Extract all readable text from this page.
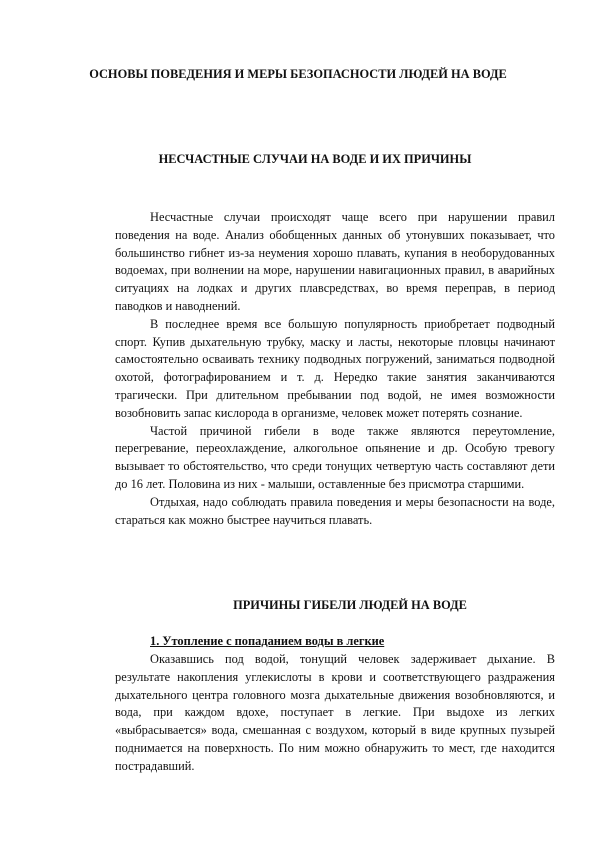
ОСНОВЫ ПОВЕДЕНИЯ И МЕРЫ БЕЗОПАСНОСТИ ЛЮДЕЙ НА ВОДЕ
НЕСЧАСТНЫЕ СЛУЧАИ НА ВОДЕ И ИХ ПРИЧИНЫ

Несчастные случаи происходят чаще всего при нарушении правил поведения на воде. Анализ обобщенных данных об утонувших показывает, что большинство гибнет из-за неумения хорошо плавать, купания в необорудованных водоемах, при волнении на море, нарушении навигационных правил, в аварийных ситуациях на лодках и других плавсредствах, во время переправ, в период паводков и наводнений.

В последнее время все большую популярность приобретает подводный спорт. Купив дыхательную трубку, маску и ласты, некоторые пловцы начинают самостоятельно осваивать технику подводных погружений, заниматься подводной охотой, фотографированием и т. д. Нередко такие занятия заканчиваются трагически. При длительном пребывании под водой, не имея возможности возобновить запас кислорода в организме, человек может потерять сознание.

Частой причиной гибели в воде также являются переутомление, перегревание, переохлаждение, алкогольное опьянение и др. Особую тревогу вызывает то обстоятельство, что среди тонущих четвертую часть составляют дети до 16 лет. Половина из них - малыши, оставленные без присмотра старшими.

Отдыхая, надо соблюдать правила поведения и меры безопасности на воде, стараться как можно быстрее научиться плавать.

ПРИЧИНЫ ГИБЕЛИ ЛЮДЕЙ НА ВОДЕ
1. Утопление с попаданием воды в легкие

Оказавшись под водой, тонущий человек задерживает дыхание. В результате накопления углекислоты в крови и соответствующего раздражения дыхательного центра головного мозга дыхательные движения возобновляются, и вода, при каждом вдохе, поступает в легкие. При выдохе из легких «выбрасывается» вода, смешанная с воздухом, который в виде крупных пузырей поднимается на поверхность. По ним можно обнаружить то мест, где находится пострадавший.
